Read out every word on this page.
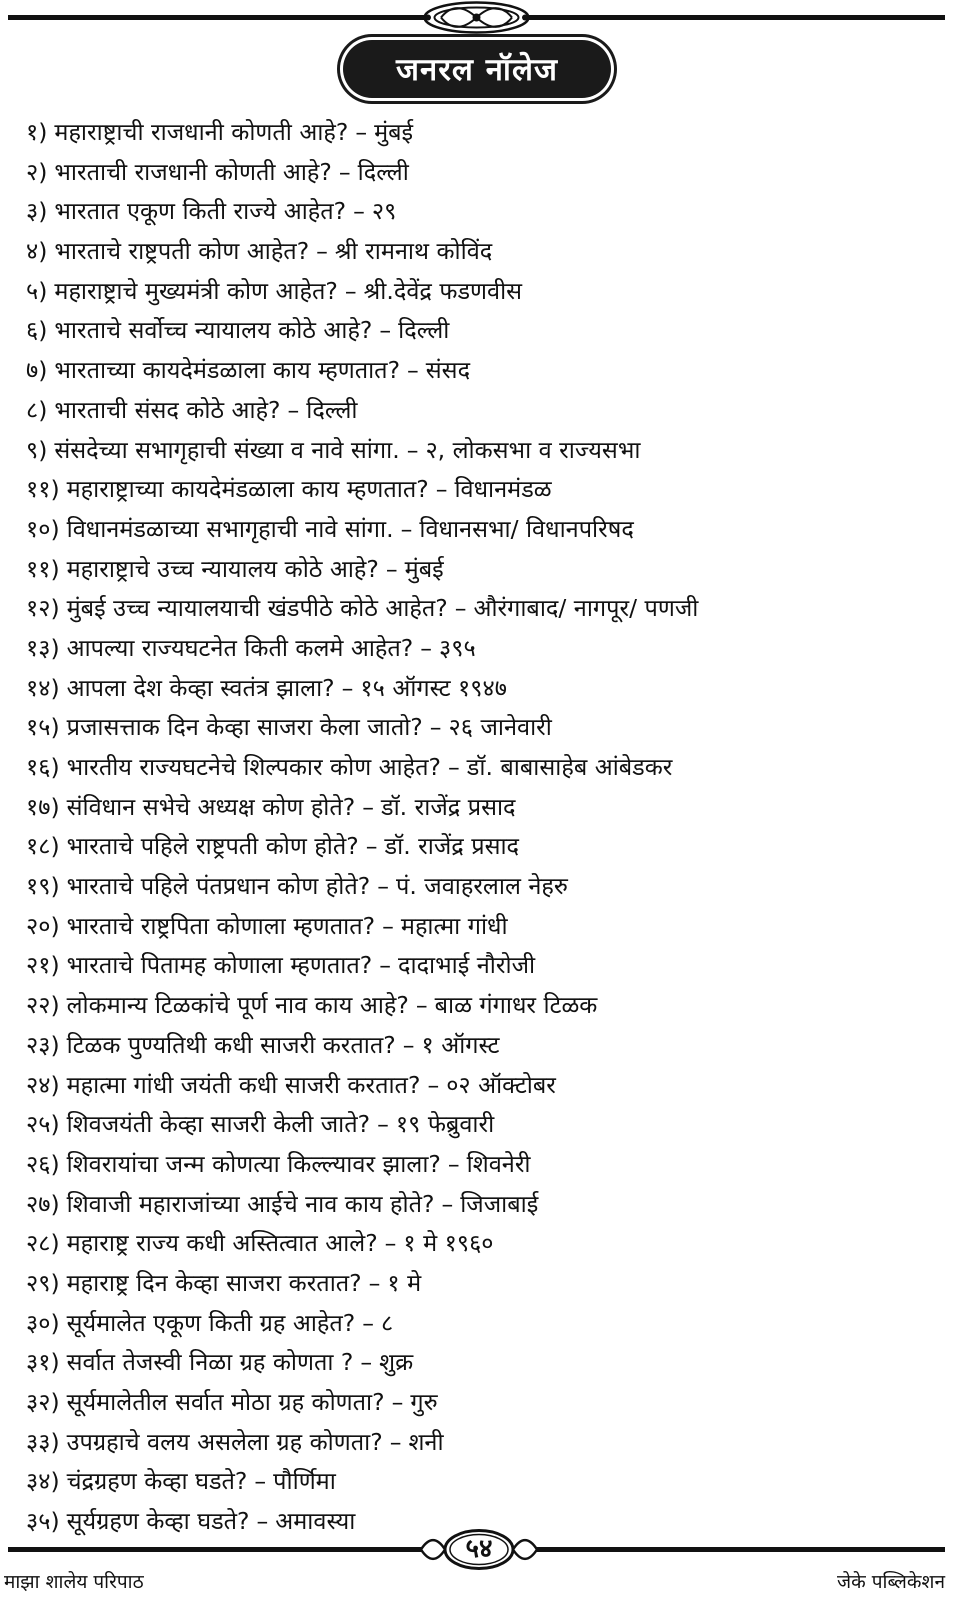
जनरल नॉलेज
१) महाराष्ट्राची राजधानी कोणती आहे? – मुंबई
२) भारताची राजधानी कोणती आहे? – दिल्ली
३) भारतात एकूण किती राज्ये आहेत? – २९
४) भारताचे राष्ट्रपती कोण आहेत? – श्री रामनाथ कोविंद
५) महाराष्ट्राचे मुख्यमंत्री कोण आहेत? – श्री.देवेंद्र फडणवीस
६) भारताचे सर्वोच्च न्यायालय कोठे आहे? – दिल्ली
७) भारताच्या कायदेमंडळाला काय म्हणतात? – संसद
८) भारताची संसद कोठे आहे? – दिल्ली
९) संसदेच्या सभागृहाची संख्या व नावे सांगा. – २, लोकसभा व राज्यसभा
११) महाराष्ट्राच्या कायदेमंडळाला काय म्हणतात? – विधानमंडळ
१०) विधानमंडळाच्या सभागृहाची नावे सांगा. – विधानसभा/ विधानपरिषद
११) महाराष्ट्राचे उच्च न्यायालय कोठे आहे? – मुंबई
१२) मुंबई उच्च न्यायालयाची खंडपीठे कोठे आहेत? – औरंगाबाद/ नागपूर/ पणजी
१३) आपल्या राज्यघटनेत किती कलमे आहेत? – ३९५
१४) आपला देश केव्हा स्वतंत्र झाला? – १५ ऑगस्ट १९४७
१५) प्रजासत्ताक दिन केव्हा साजरा केला जातो? – २६ जानेवारी
१६) भारतीय राज्यघटनेचे शिल्पकार कोण आहेत? – डॉ. बाबासाहेब आंबेडकर
१७) संविधान सभेचे अध्यक्ष कोण होते? – डॉ. राजेंद्र प्रसाद
१८) भारताचे पहिले राष्ट्रपती कोण होते? – डॉ. राजेंद्र प्रसाद
१९) भारताचे पहिले पंतप्रधान कोण होते? – पं. जवाहरलाल नेहरु
२०) भारताचे राष्ट्रपिता कोणाला म्हणतात? – महात्मा गांधी
२१) भारताचे पितामह कोणाला म्हणतात? – दादाभाई नौरोजी
२२) लोकमान्य टिळकांचे पूर्ण नाव काय आहे? – बाळ गंगाधर टिळक
२३) टिळक पुण्यतिथी कधी साजरी करतात? – १ ऑगस्ट
२४) महात्मा गांधी जयंती कधी साजरी करतात? – ०२ ऑक्टोबर
२५) शिवजयंती केव्हा साजरी केली जाते? – १९ फेब्रुवारी
२६) शिवरायांचा जन्म कोणत्या किल्ल्यावर झाला? – शिवनेरी
२७) शिवाजी महाराजांच्या आईचे नाव काय होते? – जिजाबाई
२८) महाराष्ट्र राज्य कधी अस्तित्वात आले? – १ मे १९६०
२९) महाराष्ट्र दिन केव्हा साजरा करतात? – १ मे
३०) सूर्यमालेत एकूण किती ग्रह आहेत? – ८
३१) सर्वात तेजस्वी निळा ग्रह कोणता ? – शुक्र
३२) सूर्यमालेतील सर्वात मोठा ग्रह कोणता? – गुरु
३३) उपग्रहाचे वलय असलेला ग्रह कोणता? – शनी
३४) चंद्रग्रहण केव्हा घडते? – पौर्णिमा
३५) सूर्यग्रहण केव्हा घडते? – अमावस्या
५४
माझा शालेय परिपाठ	जेके पब्लिकेशन
